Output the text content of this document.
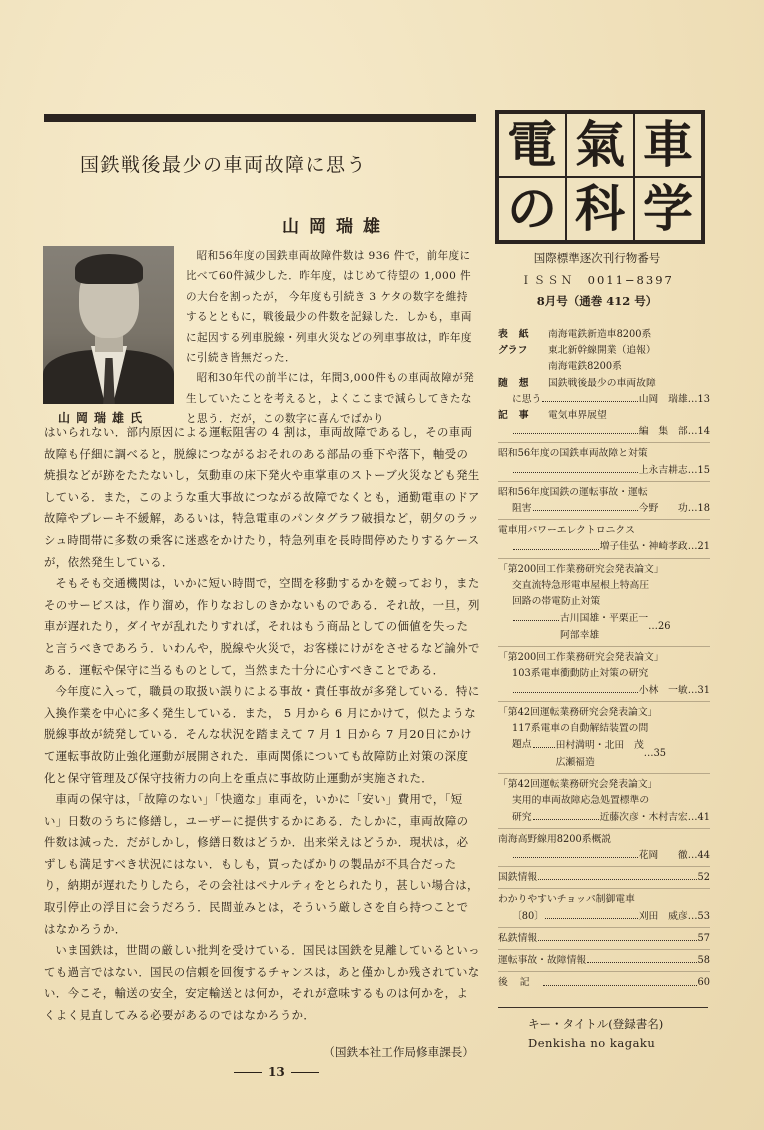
国鉄戦後最少の車両故障に思う
山岡瑞雄
山岡瑞雄氏

昭和56年度の国鉄車両故障件数は 936 件で，前年度に比べて60件減少した．昨年度，はじめて待望の 1,000 件の大台を割ったが， 今年度も引続き 3 ケタの数字を維持するとともに，戦後最少の件数を記録した．しかも，車両に起因する列車脱線・列車火災などの列車事故は，昨年度に引続き皆無だった．

昭和30年代の前半には，年間3,000件もの車両故障が発生していたことを考えると，よくここまで減らしてきたなと思う．だが，この数字に喜んでばかり

はいられない．部内原因による運転阻害の 4 割は，車両故障であるし，その車両故障も仔細に調べると，脱線につながるおそれのある部品の垂下や落下，軸受の焼損などが跡をたたないし，気動車の床下発火や車掌車のストーブ火災なども発生している．また，このような重大事故につながる故障でなくとも，通勤電車のドア故障やブレーキ不緩解，あるいは，特急電車のパンタグラフ破損など，朝夕のラッシュ時間帯に多数の乗客に迷惑をかけたり，特急列車を長時間停めたりするケースが，依然発生している．

そもそも交通機関は，いかに短い時間で，空間を移動するかを競っており，またそのサービスは，作り溜め，作りなおしのきかないものである．それ故，一旦，列車が遅れたり，ダイヤが乱れたりすれば，それはもう商品としての価値を失ったと言うべきであろう．いわんや，脱線や火災で，お客様にけがをさせるなど論外である．運転や保守に当るものとして，当然また十分に心すべきことである．

今年度に入って，職員の取扱い誤りによる事故・責任事故が多発している．特に入換作業を中心に多く発生している．また， 5 月から 6 月にかけて，似たような脱線事故が続発している．そんな状況を踏まえて 7 月 1 日から 7 月20日にかけて運転事故防止強化運動が展開された．車両関係についても故障防止対策の深度化と保守管理及び保守技術力の向上を重点に事故防止運動が実施された．

車両の保守は，「故障のない」「快適な」車両を，いかに「安い」費用で，「短い」日数のうちに修繕し，ユーザーに提供するかにある．たしかに，車両故障の件数は減った．だがしかし，修繕日数はどうか．出来栄えはどうか．現状は，必ずしも満足すべき状況にはない．もしも，買ったばかりの製品が不具合だったり，納期が遅れたりしたら，その会社はペナルティをとられたり，甚しい場合は，取引停止の浮目に会うだろう．民間並みとは，そういう厳しさを自ら持つことではなかろうか．

いま国鉄は，世間の厳しい批判を受けている．国民は国鉄を見離しているといっても過言ではない．国民の信頼を回復するチャンスは，あと僅かしか残されていない．今こそ，輸送の安全，安定輸送とは何か，それが意味するものは何かを，よくよく見直してみる必要があるのではなかろうか．

（国鉄本社工作局修車課長）
13
電 氣 車
の 科 学
国際標準逐次刊行物番号
ＩＳＳＮ　0011−8397
8月号（通巻 412 号）
表紙 南海電鉄新造車8200系
グラフ	東北新幹線開業（追報）
南海電鉄8200系
随想 国鉄戦後最少の車両故障
に思う	山岡　瑞雄 … 13
記事 電気車界展望
編　集　部 … 14
昭和56年度の国鉄車両故障と対策
上永吉耕志 … 15
昭和56年度国鉄の運転事故・運転
阻害	今野　　功 … 18
電車用パワーエレクトロニクス
増子佳弘・神崎孝政 … 21
「第200回工作業務研究会発表論文」
交直流特急形電車屋根上特高圧
回路の帯電防止対策
古川国雄・平栗正一
阿部幸雄
… 26
「第200回工作業務研究会発表論文」
103系電車衝動防止対策の研究
小林　一敏 … 31
「第42回運転業務研究会発表論文」
117系電車の自動解結装置の問
題点 田村満明・北田　茂
広瀬福造
… 35
「第42回運転業務研究会発表論文」
実用的車両故障応急処置標準の
研究	近藤次彦・木村吉宏 … 41
南海高野線用8200系概説
花岡　　徹 … 44
国鉄情報	52
わかりやすいチョッパ制御電車
〔80〕	刈田　威彦 … 53
私鉄情報	57
運転事故・故障情報	58
後記	60
キー・タイトル(登録書名)
Denkisha no kagaku
